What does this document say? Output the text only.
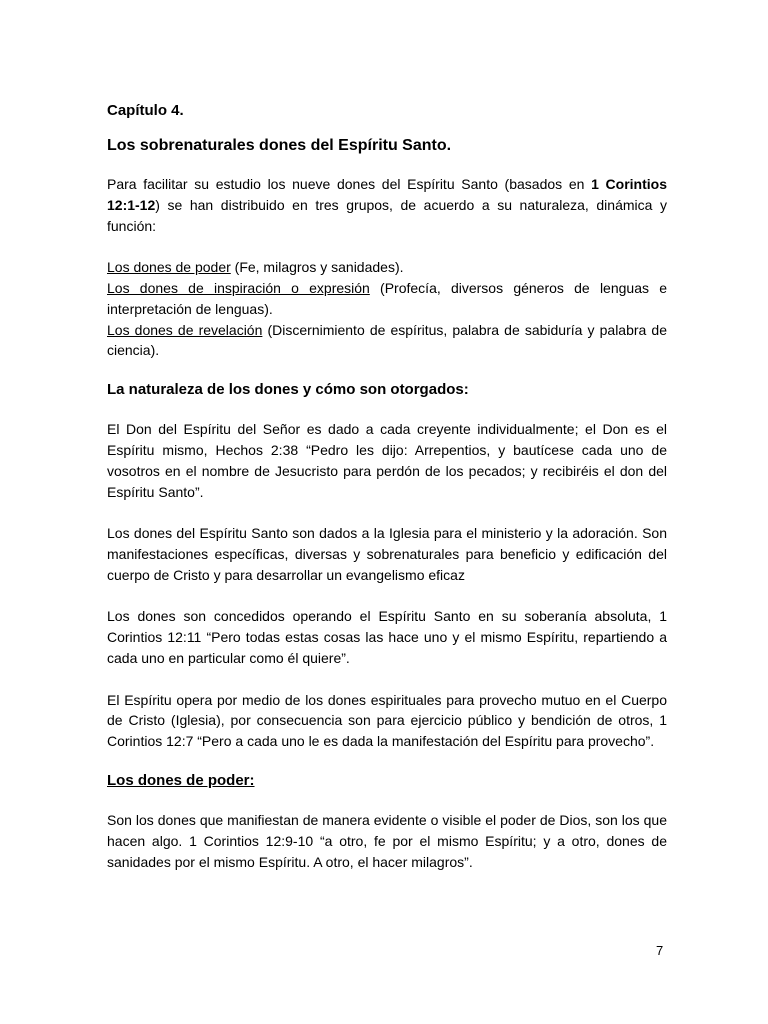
Capítulo 4.

Los sobrenaturales dones del Espíritu Santo.

Para facilitar su estudio los nueve dones del Espíritu Santo (basados en 1 Corintios 12:1-12) se han distribuido en tres grupos, de acuerdo a su naturaleza, dinámica y función:

Los dones de poder (Fe, milagros y sanidades).

Los dones de inspiración o expresión (Profecía, diversos géneros de lenguas e interpretación de lenguas).

Los dones de revelación (Discernimiento de espíritus, palabra de sabiduría y palabra de ciencia).

La naturaleza de los dones y cómo son otorgados:

El Don del Espíritu del Señor es dado a cada creyente individualmente; el Don es el Espíritu mismo, Hechos 2:38 “Pedro les dijo: Arrepentios, y bautícese cada uno de vosotros en el nombre de Jesucristo para perdón de los pecados; y recibiréis el don del Espíritu Santo”.

Los dones del Espíritu Santo son dados a la Iglesia para el ministerio y la adoración. Son manifestaciones específicas, diversas y sobrenaturales para beneficio y edificación del cuerpo de Cristo y para desarrollar un evangelismo eficaz

Los dones son concedidos operando el Espíritu Santo en su soberanía absoluta, 1 Corintios 12:11 “Pero todas estas cosas las hace uno y el mismo Espíritu, repartiendo a cada uno en particular como él quiere”.

El Espíritu opera por medio de los dones espirituales para provecho mutuo en el Cuerpo de Cristo (Iglesia), por consecuencia son para ejercicio público y bendición de otros, 1 Corintios 12:7 “Pero a cada uno le es dada la manifestación del Espíritu para provecho”.

Los dones de poder:

Son los dones que manifiestan de manera evidente o visible el poder de Dios, son los que hacen algo. 1 Corintios 12:9-10 “a otro, fe por el mismo Espíritu; y a otro, dones de sanidades por el mismo Espíritu. A otro, el hacer milagros”.

7
